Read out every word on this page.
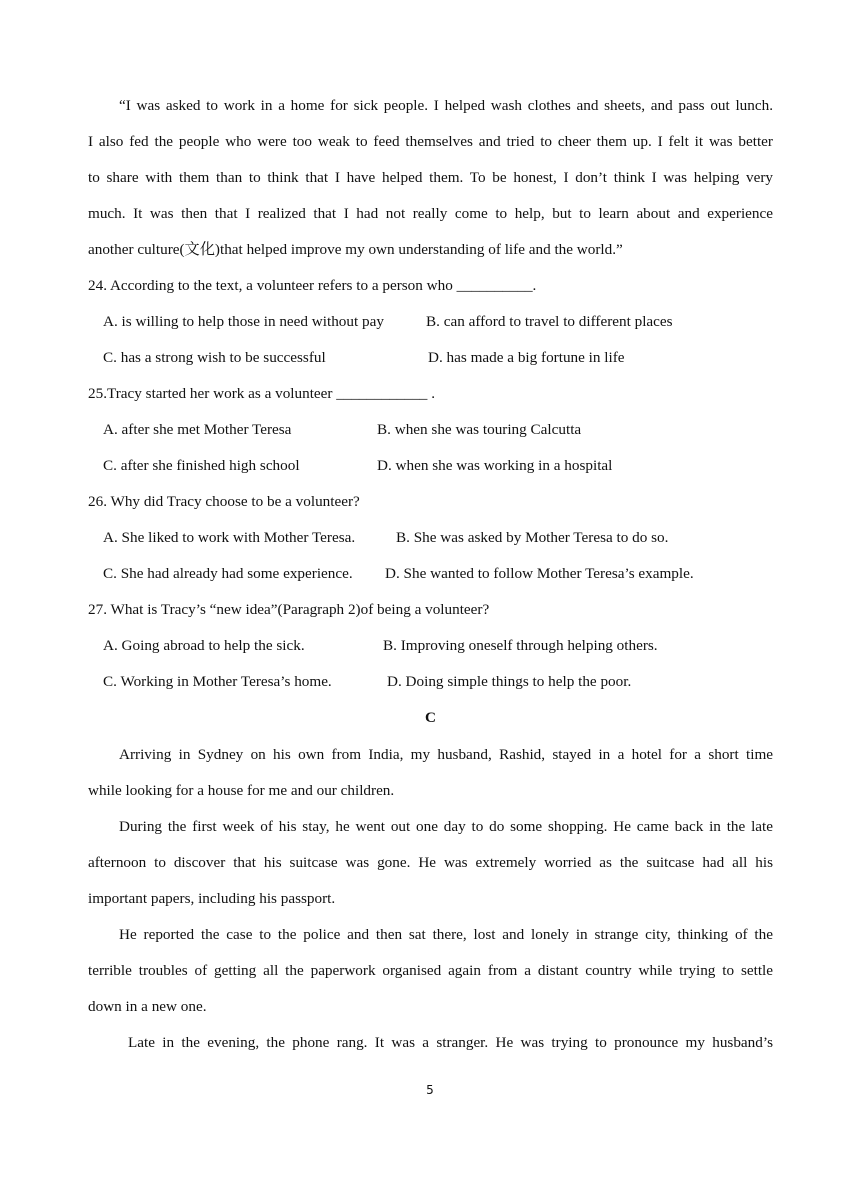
“I was asked to work in a home for sick people. I helped wash clothes and sheets, and pass out lunch.
I also fed the people who were too weak to feed themselves and tried to cheer them up. I felt it was better
to share with them than to think that I have helped them. To be honest, I don’t think I was helping very
much. It was then that I realized that I had not really come to help, but to learn about and experience
another culture(文化)that helped improve my own understanding of life and the world.”
24. According to the text, a volunteer refers to a person who __________.
A. is willing to help those in need without pay	B. can afford to travel to different places
C. has a strong wish to be successful	D. has made a big fortune in life
25.Tracy started her work as a volunteer ____________ .
A. after she met Mother Teresa	B. when she was touring Calcutta
C. after she finished high school	D. when she was working in a hospital
26. Why did Tracy choose to be a volunteer?
A. She liked to work with Mother Teresa.	B. She was asked by Mother Teresa to do so.
C. She had already had some experience. D. She wanted to follow Mother Teresa’s example.
27. What is Tracy’s “new idea”(Paragraph 2)of being a volunteer?
A. Going abroad to help the sick.	B. Improving oneself through helping others.
C. Working in Mother Teresa’s home.	D. Doing simple things to help the poor.
C
Arriving in Sydney on his own from India, my husband, Rashid, stayed in a hotel for a short time
while looking for a house for me and our children.
During the first week of his stay, he went out one day to do some shopping. He came back in the late
afternoon to discover that his suitcase was gone. He was extremely worried as the suitcase had all his
important papers, including his passport.
He reported the case to the police and then sat there, lost and lonely in strange city, thinking of the
terrible troubles of getting all the paperwork organised again from a distant country while trying to settle
down in a new one.
Late in the evening, the phone rang. It was a stranger. He was trying to pronounce my husband’s
5
